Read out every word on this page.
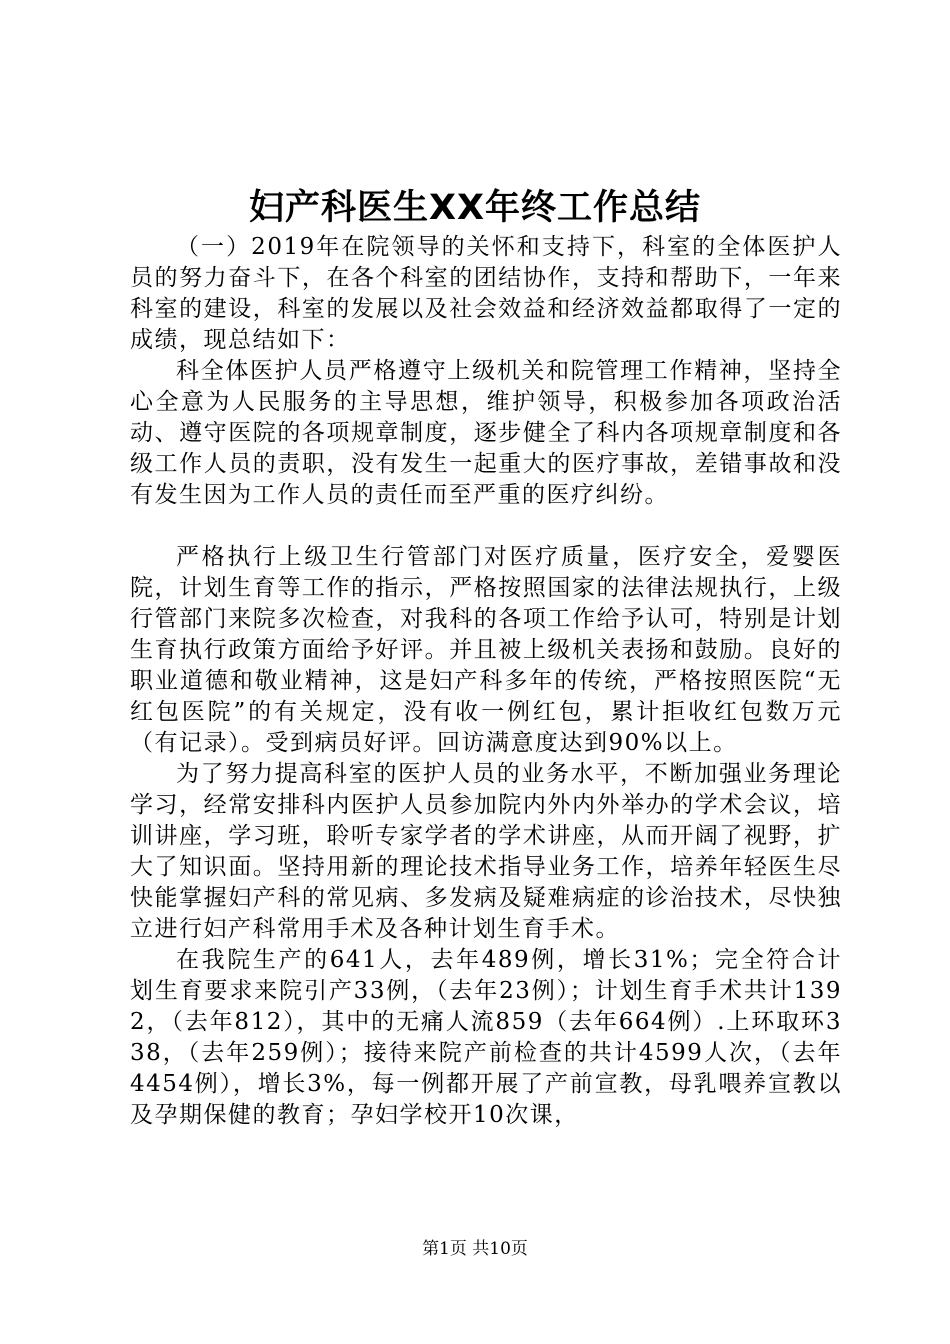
妇产科医生XX年终工作总结

（一）2019年在院领导的关怀和支持下，科室的全体医护人员的努力奋斗下，在各个科室的团结协作，支持和帮助下，一年来科室的建设，科室的发展以及社会效益和经济效益都取得了一定的成绩，现总结如下：

科全体医护人员严格遵守上级机关和院管理工作精神，坚持全心全意为人民服务的主导思想，维护领导，积极参加各项政治活动、遵守医院的各项规章制度，逐步健全了科内各项规章制度和各级工作人员的责职，没有发生一起重大的医疗事故，差错事故和没有发生因为工作人员的责任而至严重的医疗纠纷。

严格执行上级卫生行管部门对医疗质量，医疗安全，爱婴医院，计划生育等工作的指示，严格按照国家的法律法规执行，上级行管部门来院多次检查，对我科的各项工作给予认可，特别是计划生育执行政策方面给予好评。并且被上级机关表扬和鼓励。良好的职业道德和敬业精神，这是妇产科多年的传统，严格按照医院“无红包医院”的有关规定，没有收一例红包，累计拒收红包数万元（有记录）。受到病员好评。回访满意度达到90%以上。

为了努力提高科室的医护人员的业务水平，不断加强业务理论学习，经常安排科内医护人员参加院内外内外举办的学术会议，培训讲座，学习班，聆听专家学者的学术讲座，从而开阔了视野，扩大了知识面。坚持用新的理论技术指导业务工作，培养年轻医生尽快能掌握妇产科的常见病、多发病及疑难病症的诊治技术，尽快独立进行妇产科常用手术及各种计划生育手术。

在我院生产的641人，去年489例，增长31%；完全符合计划生育要求来院引产33例，（去年23例）；计划生育手术共计1392，（去年812），其中的无痛人流859（去年664例）.上环取环338，（去年259例）；接待来院产前检查的共计4599人次，（去年4454例），增长3%，每一例都开展了产前宣教，母乳喂养宣教以及孕期保健的教育；孕妇学校开10次课，

第1页 共10页
